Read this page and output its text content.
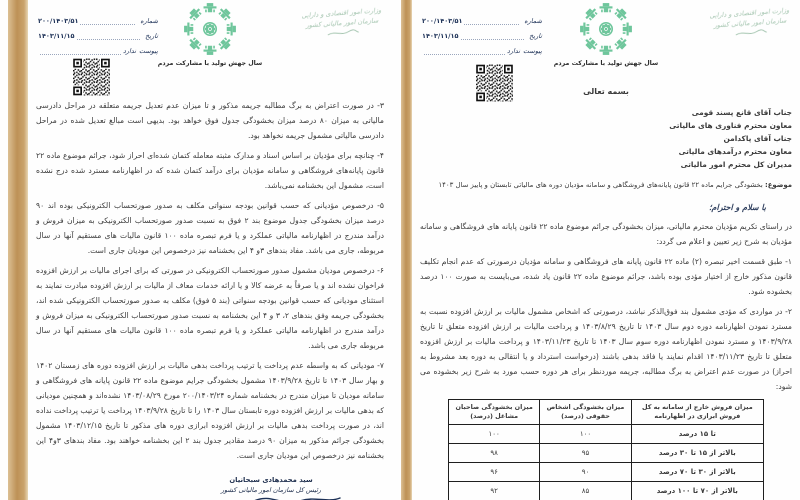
وزارت امور اقتصادی و دارایی
سازمان امور مالیاتی کشور
سال جهش تولید با مشارکت مردم
شماره
۲۰۰/۱۴۰۳/۵۱
تاریخ
۱۴۰۳/۱۱/۱۵
پیوست
ندارد
بسمه تعالی
جناب آقای قانع پسند قومی
معاون محترم فناوری های مالیاتی
جناب آقای پاکدامن
معاون محترم درآمدهای مالیاتی
مدیران کل محترم امور مالیاتی
موضوع: بخشودگی جرایم ماده ۲۲ قانون پایانه‌های فروشگاهی و سامانه مؤدیان دوره های مالیاتی تابستان و پاییز سال ۱۴۰۳
با سلام و احترام؛

در راستای تکریم مؤدیان محترم مالیاتی، میزان بخشودگی جرائم موضوع ماده ۲۲ قانون پایانه های فروشگاهی و سامانه مؤدیان به شرح زیر تعیین و اعلام می گردد:

۱- طبق قسمت اخیر تبصره (۲) ماده ۲۲ قانون پایانه های فروشگاهی و سامانه مؤدیان درصورتی که عدم انجام تکلیف قانون مذکور خارج از اختیار مؤدی بوده باشد، جرائم موضوع ماده ۲۲ قانون یاد شده، می‌بایست به صورت ۱۰۰ درصد بخشوده شود.

۲- در مواردی که مؤدی مشمول بند فوق‌الذکر نباشد، درصورتی که اشخاص مشمول مالیات بر ارزش افزوده نسبت به مسترد نمودن اظهارنامه دوره دوم سال ۱۴۰۳ تا تاریخ ۱۴۰۳/۸/۲۹ و پرداخت مالیات بر ارزش افزوده متعلق تا تاریخ ۱۴۰۳/۹/۲۸ و مسترد نمودن اظهارنامه دوره سوم سال ۱۴۰۳ تا تاریخ ۱۴۰۳/۱۱/۲۳ و پرداخت مالیات بر ارزش افزوده متعلق تا تاریخ ۱۴۰۳/۱۱/۲۳ اقدام نمایند یا فاقد بدهی باشند (درخواست استرداد و یا انتقالی به دوره بعد مشروط به احراز) در صورت عدم اعتراض به برگ مطالبه، جریمه موردنظر برای هر دوره حسب مورد به شرح زیر بخشوده می شود:

میزان فروش خارج از سامانه به کل فروش ابرازی در اظهارنامه	میزان بخشودگی اشخاص حقوقی (درصد)	میزان بخشودگی صاحبان مشاغل (درصد)
تا ۱۵ درصد	۱۰۰	۱۰۰
بالاتر از ۱۵ تا ۳۰ درصد	۹۵	۹۸
بالاتر از ۳۰ تا ۷۰ درصد	۹۰	۹۶
بالاتر از ۷۰ تا ۱۰۰ درصد	۸۵	۹۲
وزارت امور اقتصادی و دارایی
سازمان امور مالیاتی کشور
سال جهش تولید با مشارکت مردم
شماره
۲۰۰/۱۴۰۳/۵۱
تاریخ
۱۴۰۳/۱۱/۱۵
پیوست
ندارد

۳- در صورت اعتراض به برگ مطالبه جریمه مذکور و تا میزان عدم تعدیل جریمه متعلقه در مراحل دادرسی مالیاتی به میزان ۸۰ درصد میزان بخشودگی جدول فوق خواهد بود. بدیهی است مبالغ تعدیل شده در مراحل دادرسی مالیاتی مشمول جریمه نخواهد بود.

۴- چنانچه برای مؤدیان بر اساس اسناد و مدارک مثبته معامله کتمان شده‌ای احراز شود، جرائم موضوع ماده ۲۲ قانون پایانه‌های فروشگاهی و سامانه مؤدیان برای درآمد کتمان شده که در اظهارنامه مسترد شده درج نشده است، مشمول این بخشنامه نمی‌باشد.

۵- درخصوص مؤدیانی که حسب قوانین بودجه سنواتی مکلف به صدور صورتحساب الکترونیکی بوده اند ۹۰ درصد میزان بخشودگی جدول موضوع بند ۲ فوق به نسبت صدور صورتحساب الکترونیکی به میزان فروش و درآمد مندرج در اظهارنامه مالیاتی عملکرد و یا فرم تبصره ماده ۱۰۰ قانون مالیات های مستقیم آنها در سال مربوطه، جاری می باشد. مفاد بندهای ۳و ۴ این بخشنامه نیز درخصوص این مودیان جاری است.

۶- درخصوص مودیان مشمول صدور صورتحساب الکترونیکی در صورتی که برای اجرای مالیات بر ارزش افزوده فراخوان نشده اند و یا صرفاً به عرضه کالا و یا ارائه خدمات معاف از مالیات بر ارزش افزوده مبادرت نمایند به استثنای مودیانی که حسب قوانین بودجه سنواتی (بند ۵ فوق) مکلف به صدور صورتحساب الکترونیکی شده اند، بخشودگی جریمه وفق بندهای ۲، ۳ و ۴ این بخشنامه به نسبت صدور صورتحساب الکترونیکی به میزان فروش و درآمد مندرج در اظهارنامه مالیاتی عملکرد و یا فرم تبصره ماده ۱۰۰ قانون مالیات های مستقیم آنها در سال مربوطه جاری می باشد.

۷- مودیانی که به واسطه عدم پرداخت یا ترتیب پرداخت بدهی مالیات بر ارزش افزوده دوره های زمستان ۱۴۰۲ و بهار سال ۱۴۰۳ تا تاریخ ۱۴۰۳/۹/۲۸ مشمول بخشودگی جرایم موضوع ماده ۲۲ قانون پایانه های فروشگاهی و سامانه مودیان تا میزان مندرج در بخشنامه شماره ۲۰۰/۱۴۰۳/۲۴ مورخ ۱۴۰۳/۰۸/۲۹ نشده‌اند و همچنین مودیانی که بدهی مالیات بر ارزش افزوده دوره تابستان سال ۱۴۰۳ را تا تاریخ ۱۴۰۳/۹/۲۸ پرداخت یا ترتیب پرداخت نداده اند، در صورت پرداخت بدهی مالیات بر ارزش افزوده ابرازی دوره های مذکور تا تاریخ ۱۴۰۳/۱۲/۱۵ مشمول بخشودگی جرائم مذکور به میزان ۹۰ درصد مقادیر جدول بند ۲ این بخشنامه خواهند بود. مفاد بندهای ۳و۴ این بخشنامه نیز درخصوص این مودیان جاری است.

سید محمدهادی سبحانیان
رئیس کل سازمان امور مالیاتی کشور
